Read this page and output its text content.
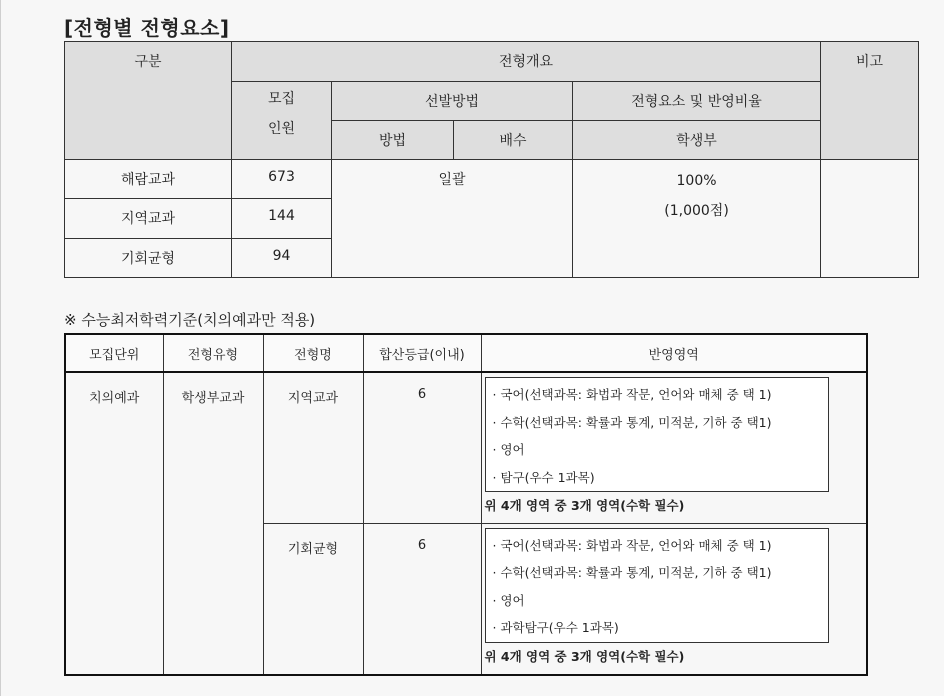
[전형별 전형요소]
구분	전형개요				비고

	모집
인원	선발방법		전형요소 및 반영비율	
		방법	배수	학생부	
해람교과	673	일괄		100%
(1,000점)	

지역교과	144				
기회균형	94				
※ 수능최저학력기준(치의예과만 적용)
모집단위	전형유형	전형명	합산등급(이내)	반영영역
치의예과	학생부교과	지역교과	6	· 국어(선택과목: 화법과 작문, 언어와 매체 중 택 1)
· 수학(선택과목: 확률과 통계, 미적분, 기하 중 택1)
· 영어
· 탐구(우수 1과목)
위 4개 영역 중 3개 영역(수학 필수)

		기회균형	6	· 국어(선택과목: 화법과 작문, 언어와 매체 중 택 1)
· 수학(선택과목: 확률과 통계, 미적분, 기하 중 택1)
· 영어
· 과학탐구(우수 1과목)
위 4개 영역 중 3개 영역(수학 필수)
